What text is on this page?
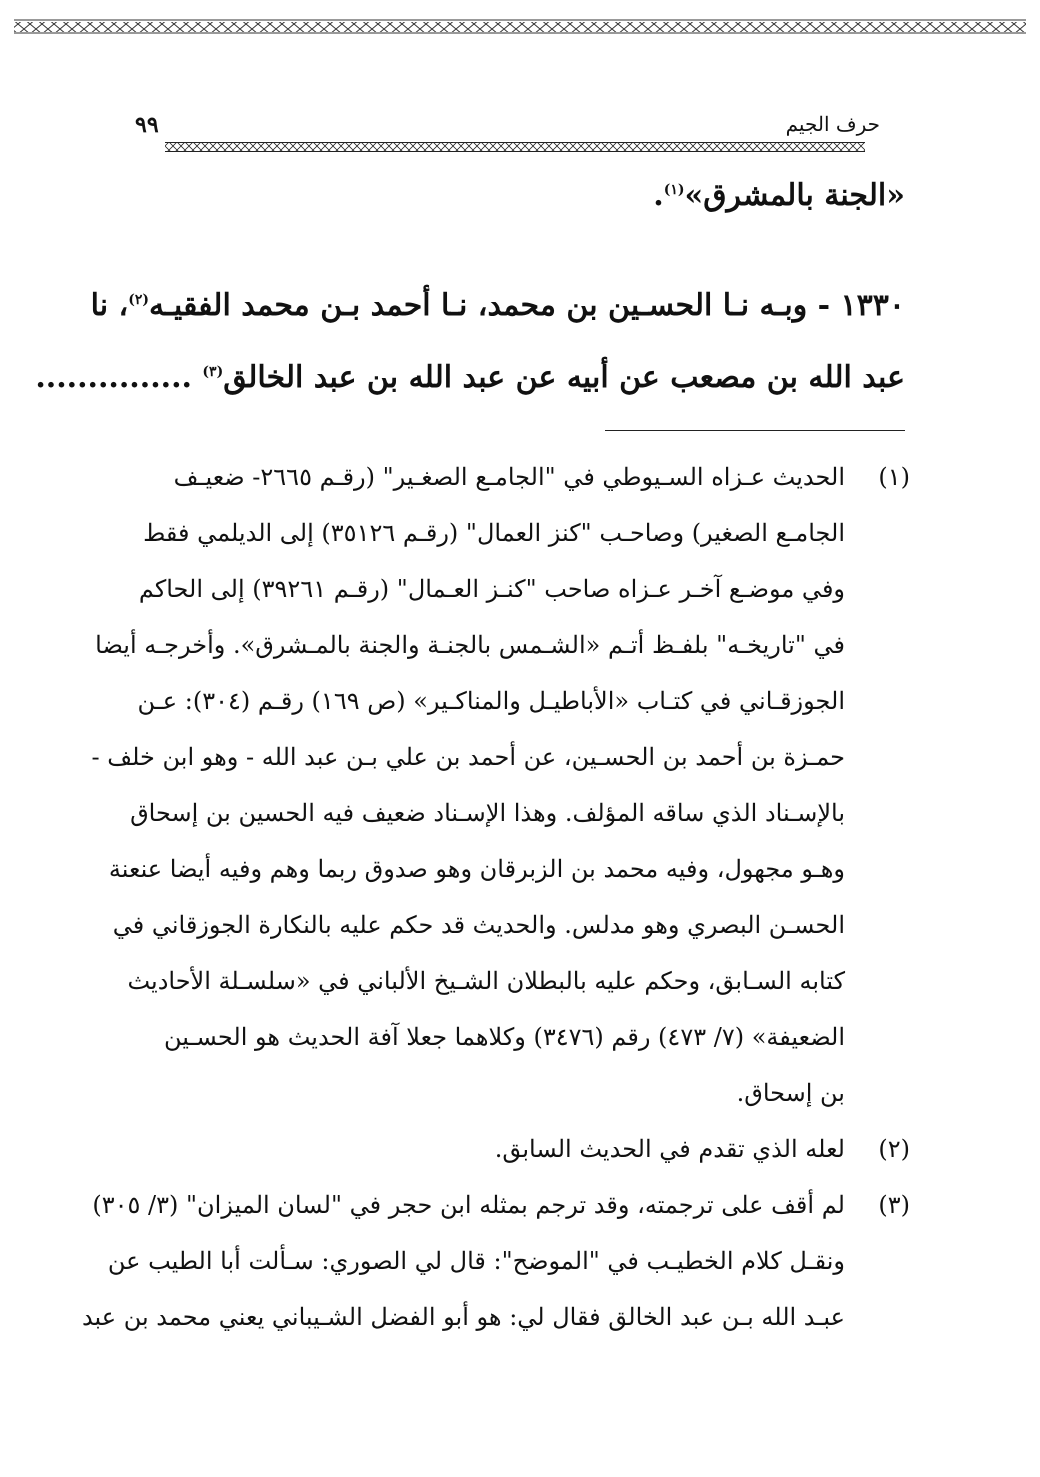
٩٩	حرف الجيم
«الجنة بالمشرق»$^{(١)}$.
١٣٣٠ - وبـه نـا الحسـين بن محمد، نـا أحمد بـن محمد الفقيـه$^{(٢)}$، نا
عبد الله بن مصعب عن أبيه عن عبد الله بن عبد الخالق$^{(٣)}$ ...............
(١)
الحديث عـزاه السـيوطي في "الجامـع الصغـير" (رقـم ٢٦٦٥- ضعيـف
الجامـع الصغير) وصاحـب "كنز العمال" (رقـم ٣٥١٢٦) إلى الديلمي فقط
وفي موضـع آخـر عـزاه صاحب "كنـز العـمال" (رقـم ٣٩٢٦١) إلى الحاكم
في "تاريخـه" بلفـظ أتـم «الشـمس بالجنـة والجنة بالمـشرق». وأخرجـه أيضا
الجوزقـاني في كتـاب «الأباطيـل والمناكـير» (ص ١٦٩) رقـم (٣٠٤): عـن
حمـزة بن أحمد بن الحسـين، عن أحمد بن علي بـن عبد الله - وهو ابن خلف -
بالإسـناد الذي ساقه المؤلف. وهذا الإسـناد ضعيف فيه الحسين بن إسحاق
وهـو مجهول، وفيه محمد بن الزبرقان وهو صدوق ربما وهم وفيه أيضا عنعنة
الحسـن البصري وهو مدلس. والحديث قد حكم عليه بالنكارة الجوزقاني في
كتابه السـابق، وحكم عليه بالبطلان الشـيخ الألباني في «سلسـلة الأحاديث
الضعيفة» (٧/ ٤٧٣) رقم (٣٤٧٦) وكلاهما جعلا آفة الحديث هو الحسـين
بن إسحاق.
(٢)
لعله الذي تقدم في الحديث السابق.
(٣)
لم أقف على ترجمته، وقد ترجم بمثله ابن حجر في "لسان الميزان" (٣/ ٣٠٥)
ونقـل كلام الخطيـب في "الموضح": قال لي الصوري: سـألت أبا الطيب عن
عبـد الله بـن عبد الخالق فقال لي: هو أبو الفضل الشـيباني يعني محمد بن عبد
